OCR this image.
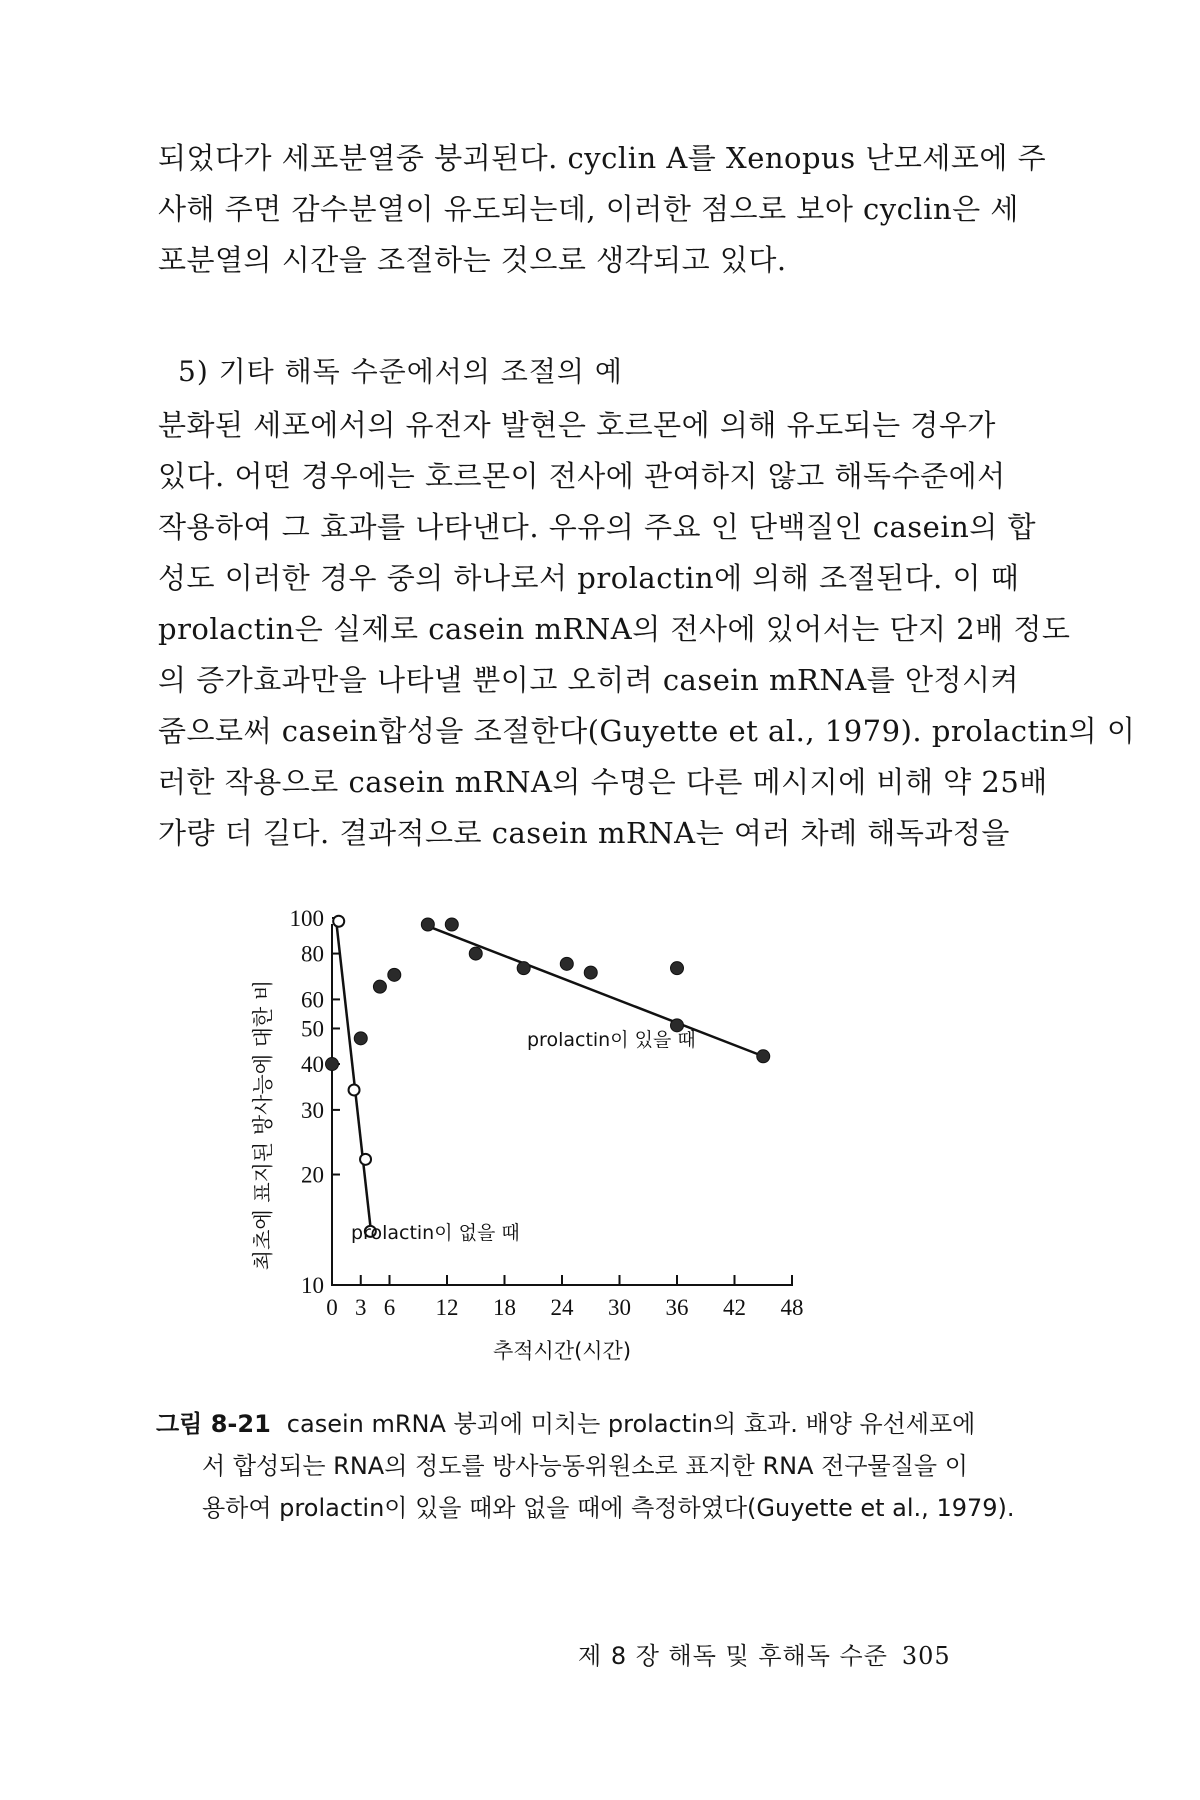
되었다가 세포분열중 붕괴된다. cyclin A를 Xenopus 난모세포에 주
사해 주면 감수분열이 유도되는데, 이러한 점으로 보아 cyclin은 세
포분열의 시간을 조절하는 것으로 생각되고 있다.
5) 기타 해독 수준에서의 조절의 예
분화된 세포에서의 유전자 발현은 호르몬에 의해 유도되는 경우가
있다. 어떤 경우에는 호르몬이 전사에 관여하지 않고 해독수준에서
작용하여 그 효과를 나타낸다. 우유의 주요 인 단백질인 casein의 합
성도 이러한 경우 중의 하나로서 prolactin에 의해 조절된다. 이 때
prolactin은 실제로 casein mRNA의 전사에 있어서는 단지 2배 정도
의 증가효과만을 나타낼 뿐이고 오히려 casein mRNA를 안정시켜
줌으로써 casein합성을 조절한다(Guyette et al., 1979). prolactin의 이
러한 작용으로 casein mRNA의 수명은 다른 메시지에 비해 약 25배
가량 더 길다. 결과적으로 casein mRNA는 여러 차례 해독과정을
최초에 표지된 방사능에 대한 비
10
20
30
40
50
60
80
100
0 3 6 12 18 24 30 36 42 48
prolactin이 있을 때
prolactin이 없을 때
추적시간(시간)
그림 8-21 casein mRNA 붕괴에 미치는 prolactin의 효과. 배양 유선세포에
서 합성되는 RNA의 정도를 방사능동위원소로 표지한 RNA 전구물질을 이
용하여 prolactin이 있을 때와 없을 때에 측정하였다(Guyette et al., 1979).
제 8 장 해독 및 후해독 수준 305
